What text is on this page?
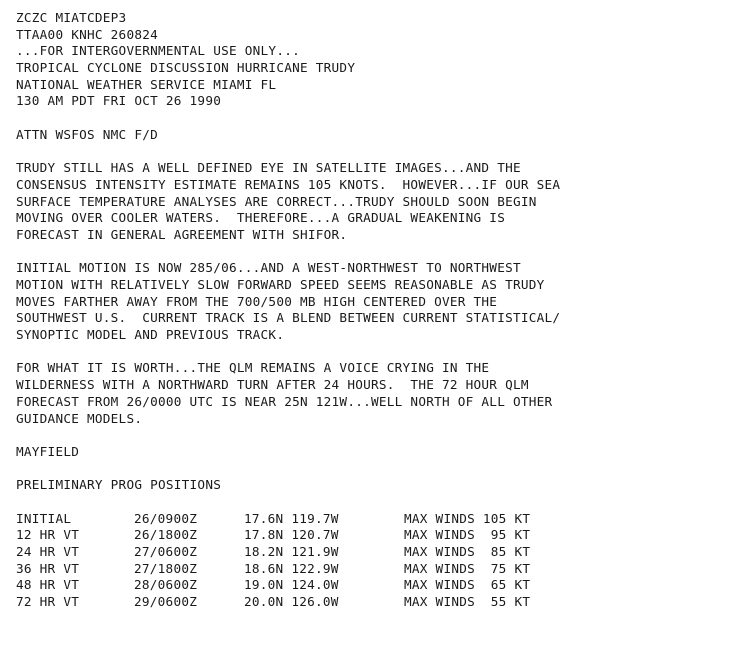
ZCZC MIATCDEP3
TTAA00 KNHC 260824
...FOR INTERGOVERNMENTAL USE ONLY...
TROPICAL CYCLONE DISCUSSION HURRICANE TRUDY
NATIONAL WEATHER SERVICE MIAMI FL
130 AM PDT FRI OCT 26 1990
ATTN WSFOS NMC F/D
TRUDY STILL HAS A WELL DEFINED EYE IN SATELLITE IMAGES...AND THE
CONSENSUS INTENSITY ESTIMATE REMAINS 105 KNOTS.  HOWEVER...IF OUR SEA
SURFACE TEMPERATURE ANALYSES ARE CORRECT...TRUDY SHOULD SOON BEGIN
MOVING OVER COOLER WATERS.  THEREFORE...A GRADUAL WEAKENING IS
FORECAST IN GENERAL AGREEMENT WITH SHIFOR.
INITIAL MOTION IS NOW 285/06...AND A WEST-NORTHWEST TO NORTHWEST
MOTION WITH RELATIVELY SLOW FORWARD SPEED SEEMS REASONABLE AS TRUDY
MOVES FARTHER AWAY FROM THE 700/500 MB HIGH CENTERED OVER THE
SOUTHWEST U.S.  CURRENT TRACK IS A BLEND BETWEEN CURRENT STATISTICAL/
SYNOPTIC MODEL AND PREVIOUS TRACK.
FOR WHAT IT IS WORTH...THE QLM REMAINS A VOICE CRYING IN THE
WILDERNESS WITH A NORTHWARD TURN AFTER 24 HOURS.  THE 72 HOUR QLM
FORECAST FROM 26/0000 UTC IS NEAR 25N 121W...WELL NORTH OF ALL OTHER
GUIDANCE MODELS.
MAYFIELD
PRELIMINARY PROG POSITIONS
INITIAL	26/0900Z	17.6N 119.7W	MAX WINDS 105 KT
12 HR VT	26/1800Z	17.8N 120.7W	MAX WINDS  95 KT
24 HR VT	27/0600Z	18.2N 121.9W	MAX WINDS  85 KT
36 HR VT	27/1800Z	18.6N 122.9W	MAX WINDS  75 KT
48 HR VT	28/0600Z	19.0N 124.0W	MAX WINDS  65 KT
72 HR VT	29/0600Z	20.0N 126.0W	MAX WINDS  55 KT
